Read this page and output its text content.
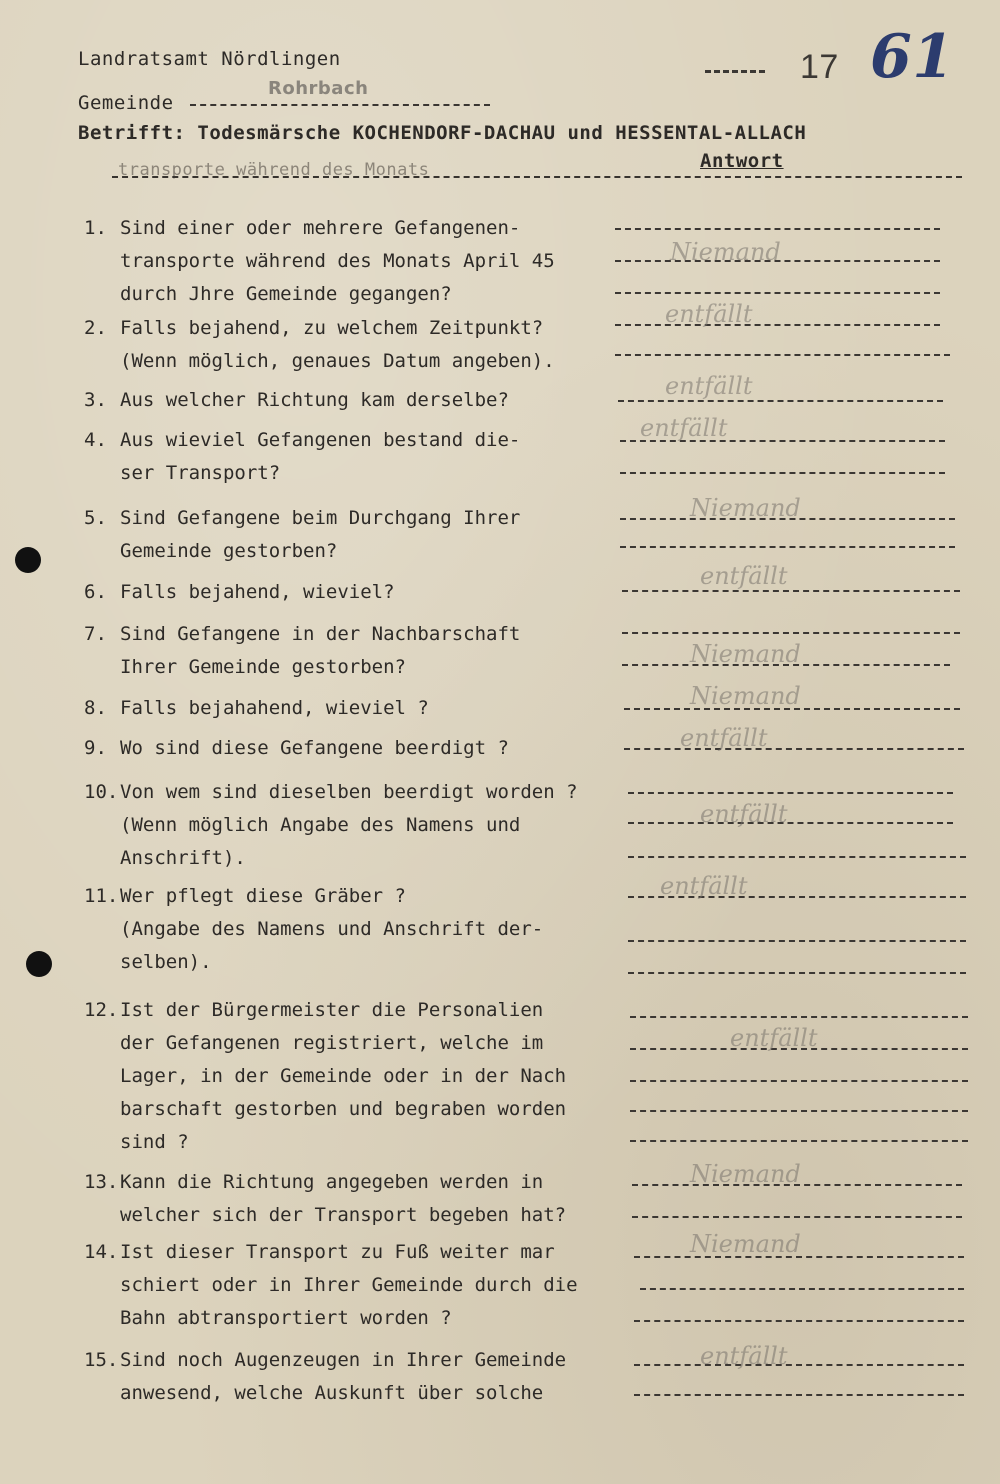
Landratsamt Nördlingen
Gemeinde
Rohrbach
17 61
Betrifft: Todesmärsche KOCHENDORF-DACHAU und HESSENTAL-ALLACH
transporte während des Monats	Antwort
1. Sind einer oder mehrere Gefangenen-
transporte während des Monats April 45
durch Jhre Gemeinde gegangen?
2. Falls bejahend, zu welchem Zeitpunkt?
(Wenn möglich, genaues Datum angeben).
3. Aus welcher Richtung kam derselbe?
4. Aus wieviel Gefangenen bestand die-
ser Transport?
5. Sind Gefangene beim Durchgang Ihrer
Gemeinde gestorben?
6. Falls bejahend, wieviel?
7. Sind Gefangene in der Nachbarschaft
Ihrer Gemeinde gestorben?
8. Falls bejahahend, wieviel ?
9. Wo sind diese Gefangene beerdigt ?
10.Von wem sind dieselben beerdigt worden ?
(Wenn möglich Angabe des Namens und
Anschrift).
11.Wer pflegt diese Gräber ?
(Angabe des Namens und Anschrift der-
selben).
12.Ist der Bürgermeister die Personalien
der Gefangenen registriert, welche im
Lager, in der Gemeinde oder in der Nach
barschaft gestorben und begraben worden
sind ?
13.Kann die Richtung angegeben werden in
welcher sich der Transport begeben hat?
14.Ist dieser Transport zu Fuß weiter mar
schiert oder in Ihrer Gemeinde durch die
Bahn abtransportiert worden ?
15.Sind noch Augenzeugen in Ihrer Gemeinde
anwesend, welche Auskunft über solche
Niemand
entfällt
entfällt
entfällt
Niemand
entfällt
Niemand
Niemand
entfällt
entfällt
entfällt
entfällt
Niemand
Niemand
entfällt
